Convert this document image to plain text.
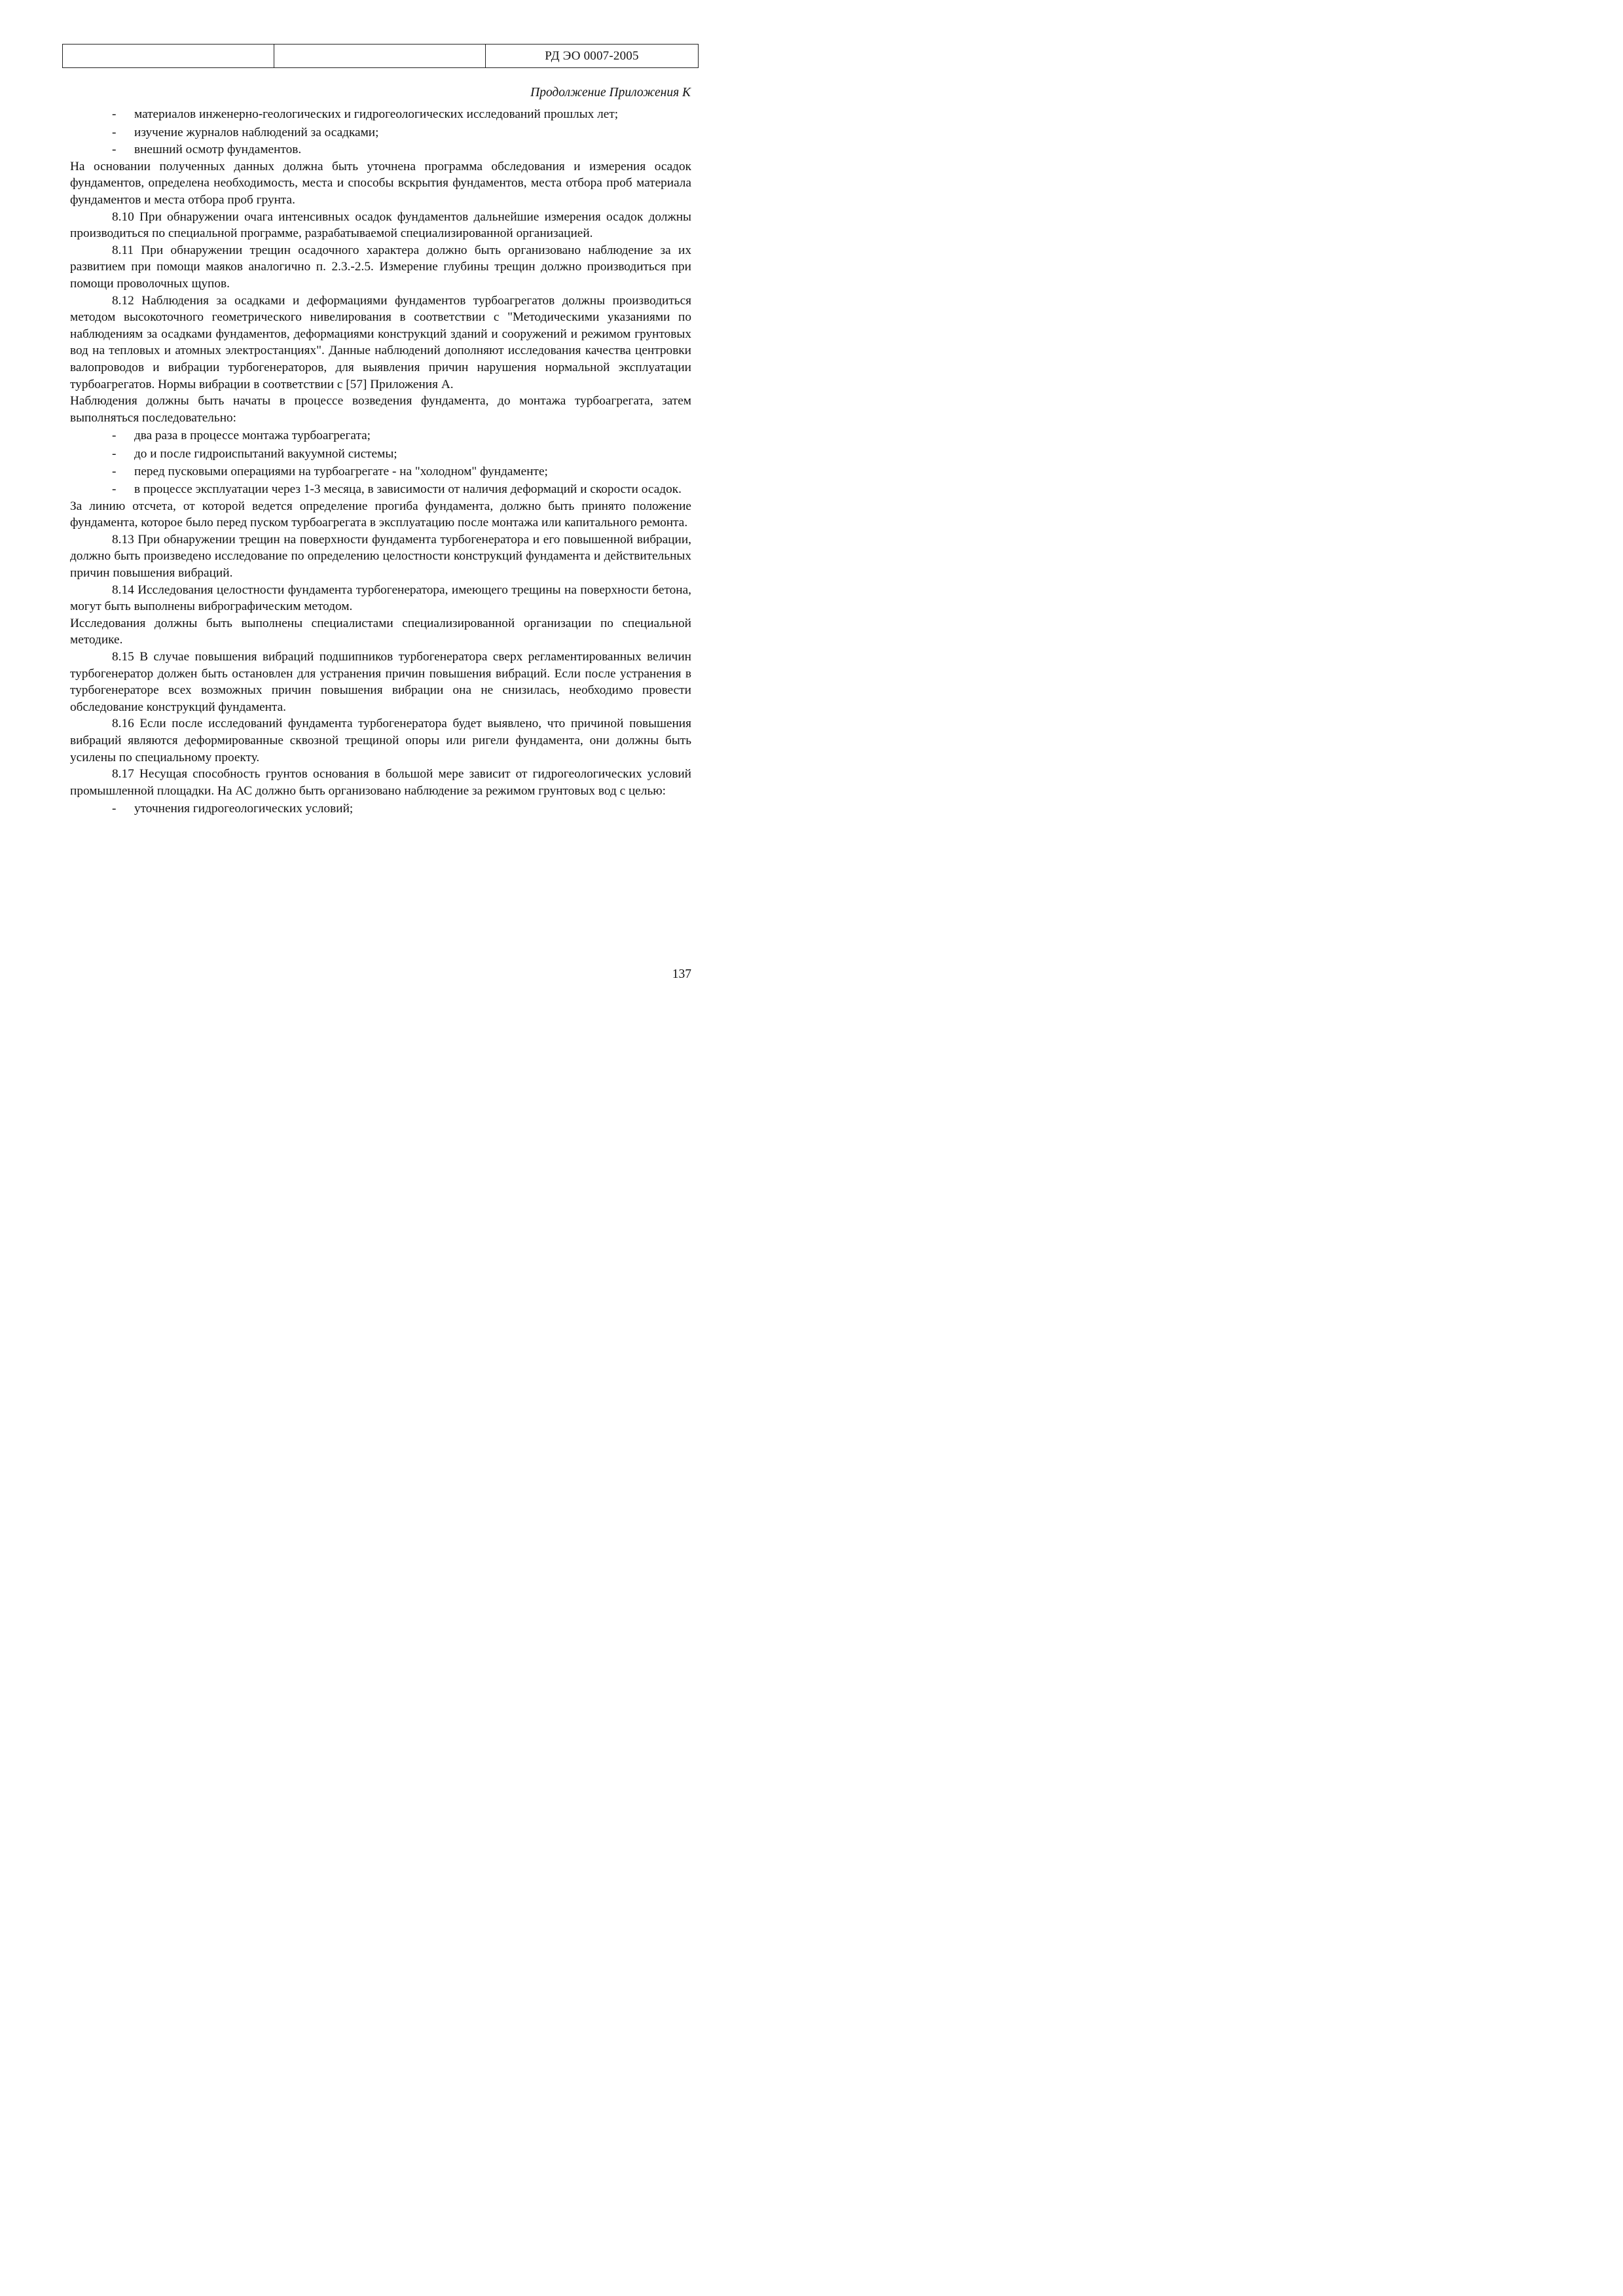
		РД ЭО 0007-2005
Продолжение Приложения К
- материалов инженерно-геологических и гидрогеологических исследований прошлых лет;
- изучение журналов наблюдений за осадками;
- внешний осмотр фундаментов.

На основании полученных данных должна быть уточнена программа обследования и измерения осадок фундаментов, определена необходимость, места и способы вскрытия фундаментов, места отбора проб материала фундаментов и места отбора проб грунта.

8.10 При обнаружении очага интенсивных осадок фундаментов дальнейшие измерения осадок должны производиться по специальной программе, разрабатываемой специализированной организацией.

8.11 При обнаружении трещин осадочного характера должно быть организовано наблюдение за их развитием при помощи маяков аналогично п. 2.3.-2.5. Измерение глубины трещин должно производиться при помощи проволочных щупов.

8.12 Наблюдения за осадками и деформациями фундаментов турбоагрегатов должны производиться методом высокоточного геометрического нивелирования в соответствии с "Методическими указаниями по наблюдениям за осадками фундаментов, деформациями конструкций зданий и сооружений и режимом грунтовых вод на тепловых и атомных электростанциях". Данные наблюдений дополняют исследования качества центровки валопроводов и вибрации турбогенераторов, для выявления причин нарушения нормальной эксплуатации турбоагрегатов. Нормы вибрации в соответствии с [57] Приложения А.

Наблюдения должны быть начаты в процессе возведения фундамента, до монтажа турбоагрегата, затем выполняться последовательно:

- два раза в процессе монтажа турбоагрегата;
- до и после гидроиспытаний вакуумной системы;
- перед пусковыми операциями на турбоагрегате - на "холодном" фундаменте;
- в процессе эксплуатации через 1-3 месяца, в зависимости от наличия деформаций и скорости осадок.

За линию отсчета, от которой ведется определение прогиба фундамента, должно быть принято положение фундамента, которое было перед пуском турбоагрегата в эксплуатацию после монтажа или капитального ремонта.

8.13 При обнаружении трещин на поверхности фундамента турбогенератора и его повышенной вибрации, должно быть произведено исследование по определению целостности конструкций фундамента и действительных причин повышения вибраций.

8.14 Исследования целостности фундамента турбогенератора, имеющего трещины на поверхности бетона, могут быть выполнены вибрографическим методом.

Исследования должны быть выполнены специалистами специализированной организации по специальной методике.

8.15 В случае повышения вибраций подшипников турбогенератора сверх регламентированных величин турбогенератор должен быть остановлен для устранения причин повышения вибраций. Если после устранения в турбогенераторе всех возможных причин повышения вибрации она не снизилась, необходимо провести обследование конструкций фундамента.

8.16 Если после исследований фундамента турбогенератора будет выявлено, что причиной повышения вибраций являются деформированные сквозной трещиной опоры или ригели фундамента, они должны быть усилены по специальному проекту.

8.17 Несущая способность грунтов основания в большой мере зависит от гидрогеологических условий промышленной площадки. На АС должно быть организовано наблюдение за режимом грунтовых вод с целью:

- уточнения гидрогеологических условий;
137
